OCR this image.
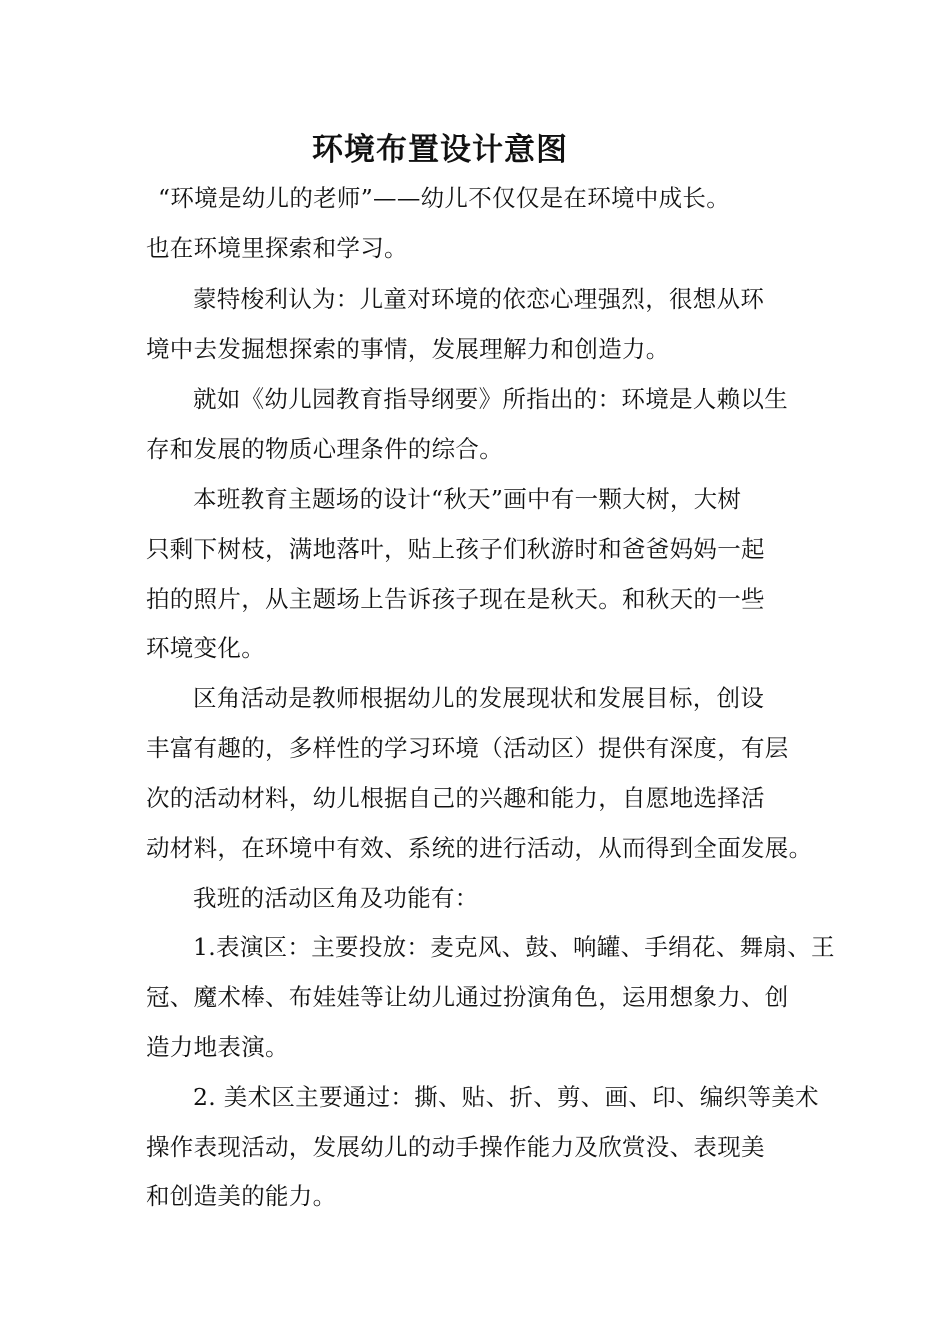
环境布置设计意图
“环境是幼儿的老师”——幼儿不仅仅是在环境中成长。
也在环境里探索和学习。
蒙特梭利认为：儿童对环境的依恋心理强烈，很想从环
境中去发掘想探索的事情，发展理解力和创造力。
就如《幼儿园教育指导纲要》所指出的：环境是人赖以生
存和发展的物质心理条件的综合。
本班教育主题场的设计“秋天”画中有一颗大树，大树
只剩下树枝，满地落叶，贴上孩子们秋游时和爸爸妈妈一起
拍的照片，从主题场上告诉孩子现在是秋天。和秋天的一些
环境变化。
区角活动是教师根据幼儿的发展现状和发展目标，创设
丰富有趣的，多样性的学习环境（活动区）提供有深度，有层
次的活动材料，幼儿根据自己的兴趣和能力，自愿地选择活
动材料，在环境中有效、系统的进行活动，从而得到全面发展。
我班的活动区角及功能有：
1.表演区：主要投放：麦克风、鼓、响罐、手绢花、舞扇、王
冠、魔术棒、布娃娃等让幼儿通过扮演角色，运用想象力、创
造力地表演。
2. 美术区主要通过：撕、贴、折、剪、画、印、编织等美术
操作表现活动，发展幼儿的动手操作能力及欣赏没、表现美
和创造美的能力。
